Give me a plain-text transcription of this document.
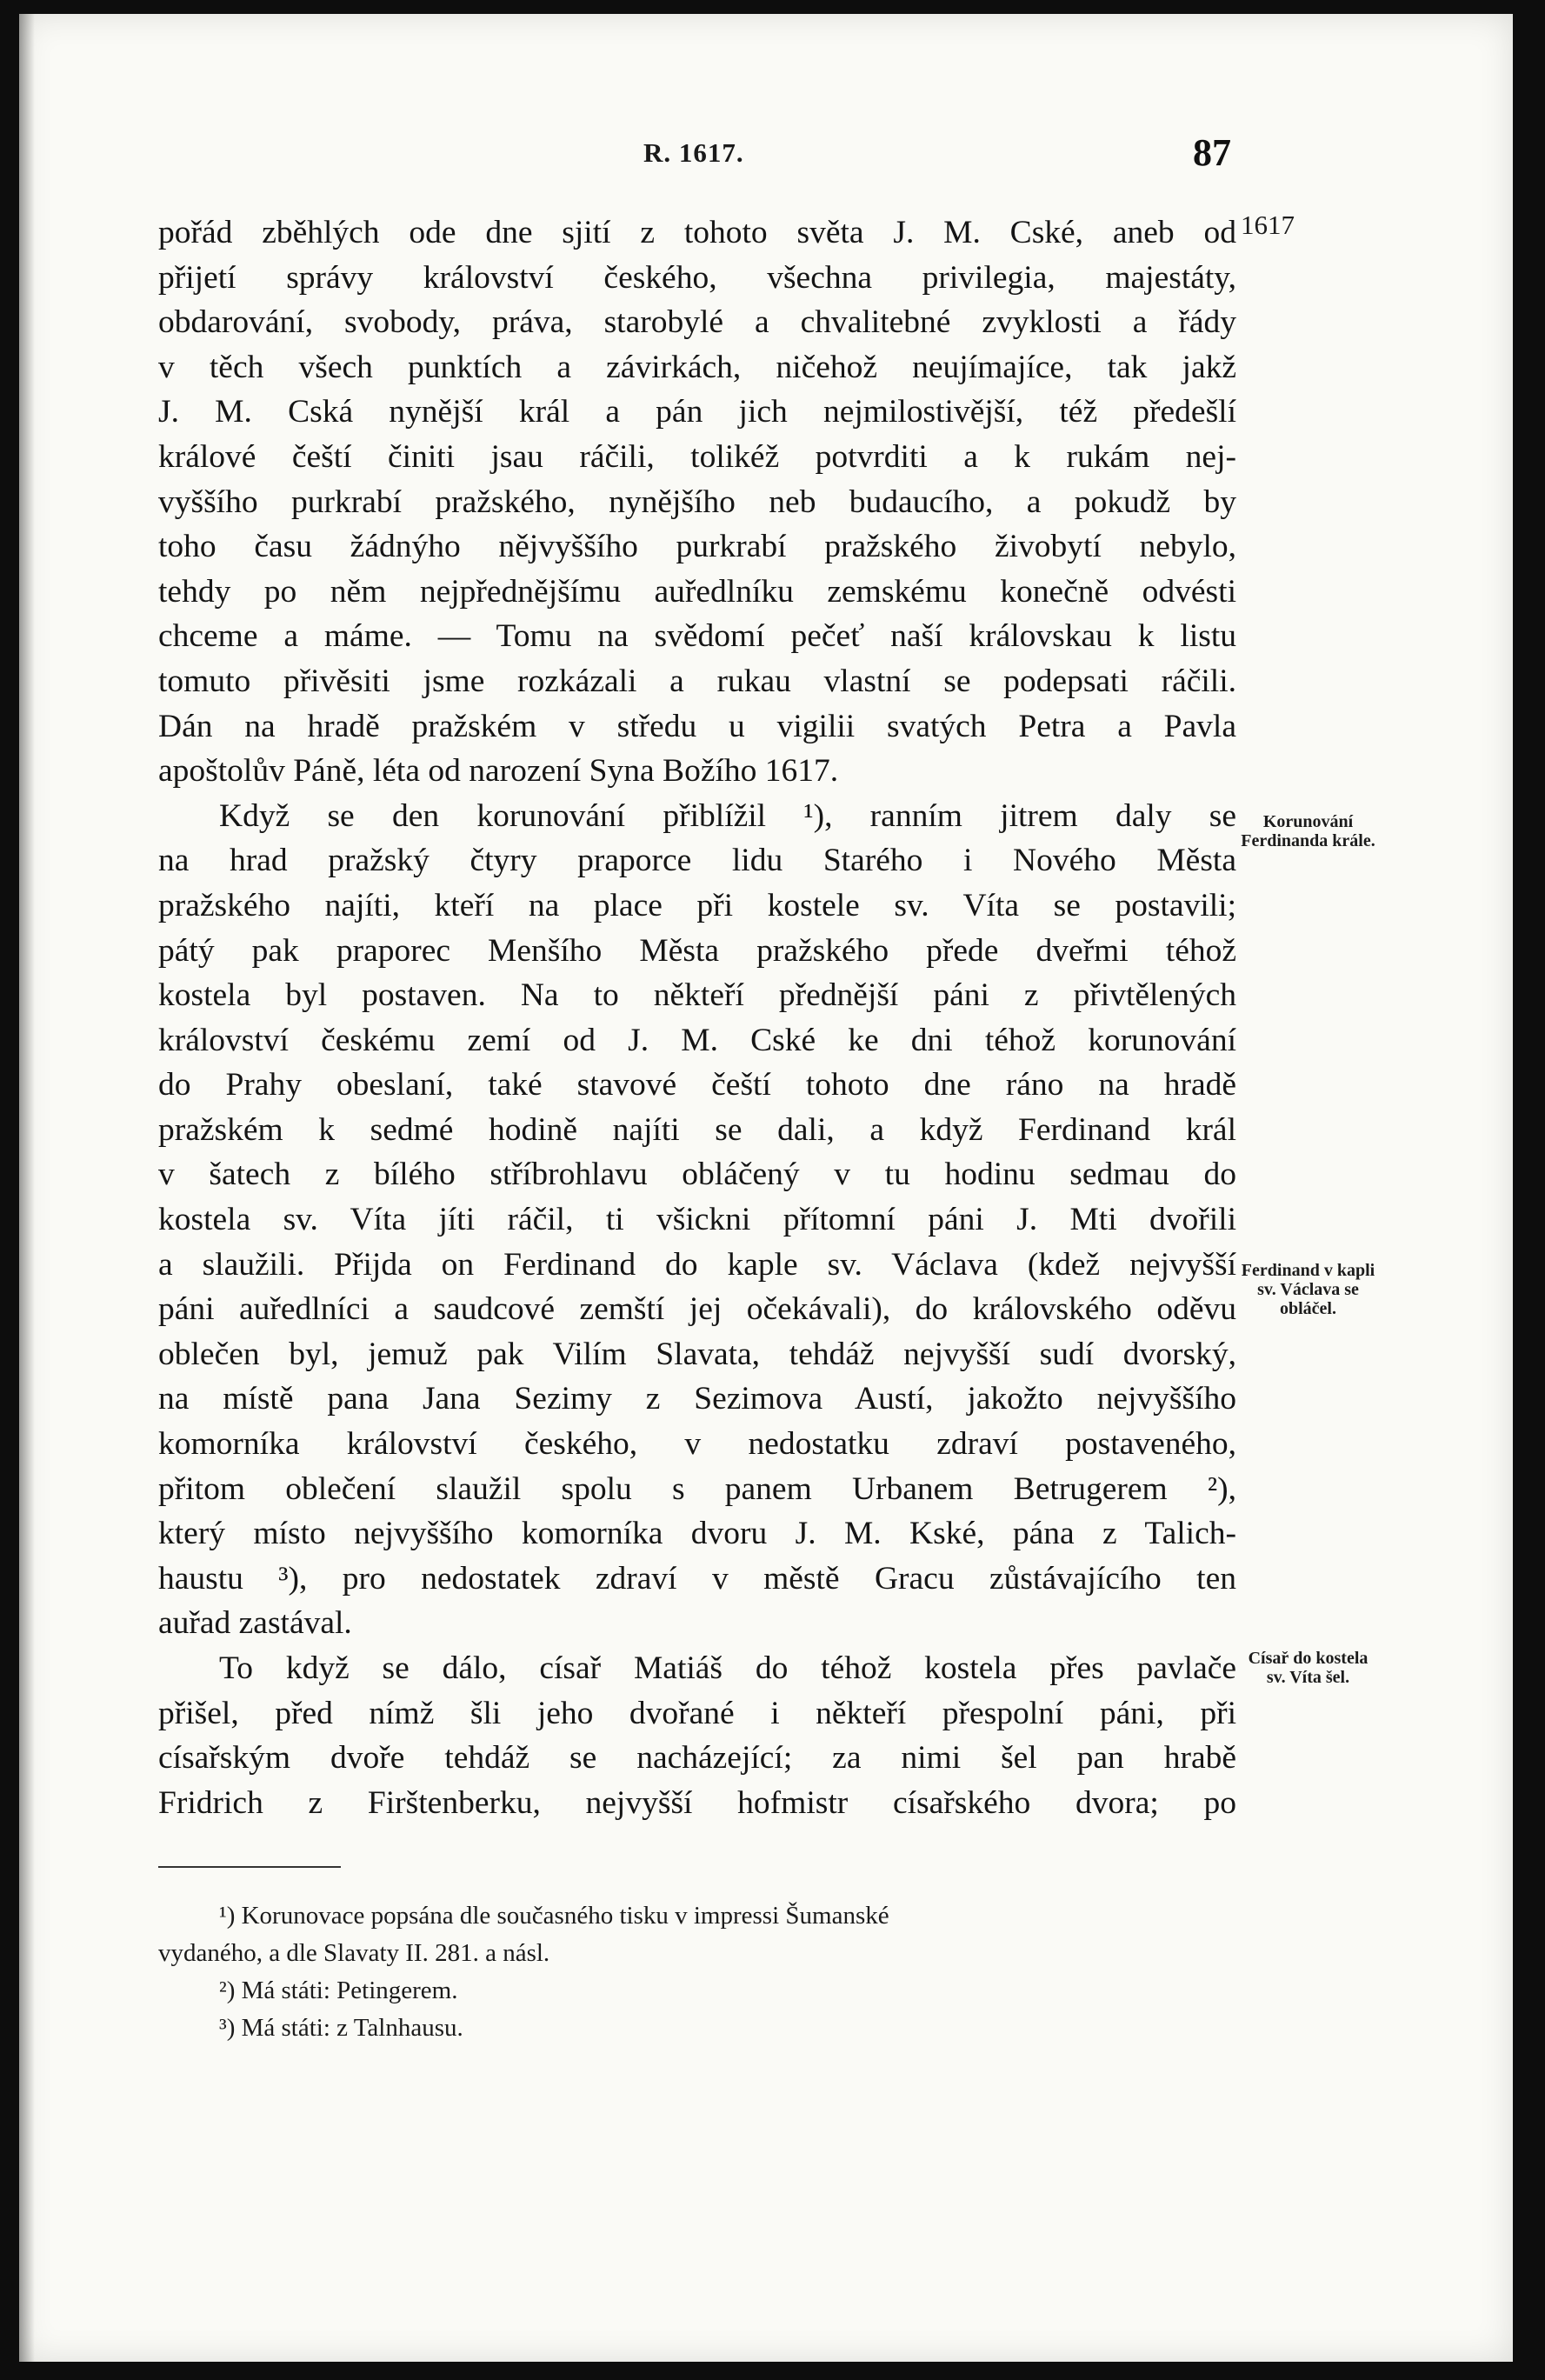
R. 1617.	87
pořád zběhlých ode dne sjití z tohoto světa J. M. Cské, aneb od
přijetí správy království českého, všechna privilegia, majestáty,
obdarování, svobody, práva, starobylé a chvalitebné zvyklosti a řády
v těch všech punktích a závirkách, ničehož neujímajíce, tak jakž
J. M. Cská nynější král a pán jich nejmilostivější, též předešlí
králové čeští činiti jsau ráčili, tolikéž potvrditi a k rukám nej-
vyššího purkrabí pražského, nynějšího neb budaucího, a pokudž by
toho času žádnýho nějvyššího purkrabí pražského živobytí nebylo,
tehdy po něm nejpřednějšímu auředlníku zemskému konečně odvésti
chceme a máme. — Tomu na svědomí pečeť naší královskau k listu
tomuto přivěsiti jsme rozkázali a rukau vlastní se podepsati ráčili.
Dán na hradě pražském v středu u vigilii svatých Petra a Pavla
apoštolův Páně, léta od narození Syna Božího 1617.
Když se den korunování přiblížil ¹), ranním jitrem daly se
na hrad pražský čtyry praporce lidu Starého i Nového Města
pražského najíti, kteří na place při kostele sv. Víta se postavili;
pátý pak praporec Menšího Města pražského přede dveřmi téhož
kostela byl postaven. Na to někteří přednější páni z přivtělených
království českému zemí od J. M. Cské ke dni téhož korunování
do Prahy obeslaní, také stavové čeští tohoto dne ráno na hradě
pražském k sedmé hodině najíti se dali, a když Ferdinand král
v šatech z bílého stříbrohlavu obláčený v tu hodinu sedmau do
kostela sv. Víta jíti ráčil, ti všickni přítomní páni J. Mti dvořili
a slaužili. Přijda on Ferdinand do kaple sv. Václava (kdež nejvyšší
páni auředlníci a saudcové zemští jej očekávali), do královského oděvu
oblečen byl, jemuž pak Vilím Slavata, tehdáž nejvyšší sudí dvorský,
na místě pana Jana Sezimy z Sezimova Austí, jakožto nejvyššího
komorníka království českého, v nedostatku zdraví postaveného,
přitom oblečení slaužil spolu s panem Urbanem Betrugerem ²),
který místo nejvyššího komorníka dvoru J. M. Kské, pána z Talich-
haustu ³), pro nedostatek zdraví v městě Gracu zůstávajícího ten
auřad zastával.
To když se dálo, císař Matiáš do téhož kostela přes pavlače
přišel, před nímž šli jeho dvořané i někteří přespolní páni, při
císařským dvoře tehdáž se nacházející; za nimi šel pan hrabě
Fridrich z Firštenberku, nejvyšší hofmistr císařského dvora; po
1617
Korunování Ferdinanda krále.
Ferdinand v kapli sv. Václava se obláčel.
Císař do kostela sv. Víta šel.
¹) Korunovace popsána dle současného tisku v impressi Šumanské
vydaného, a dle Slavaty II. 281. a násl.
²) Má státi: Petingerem.
³) Má státi: z Talnhausu.
